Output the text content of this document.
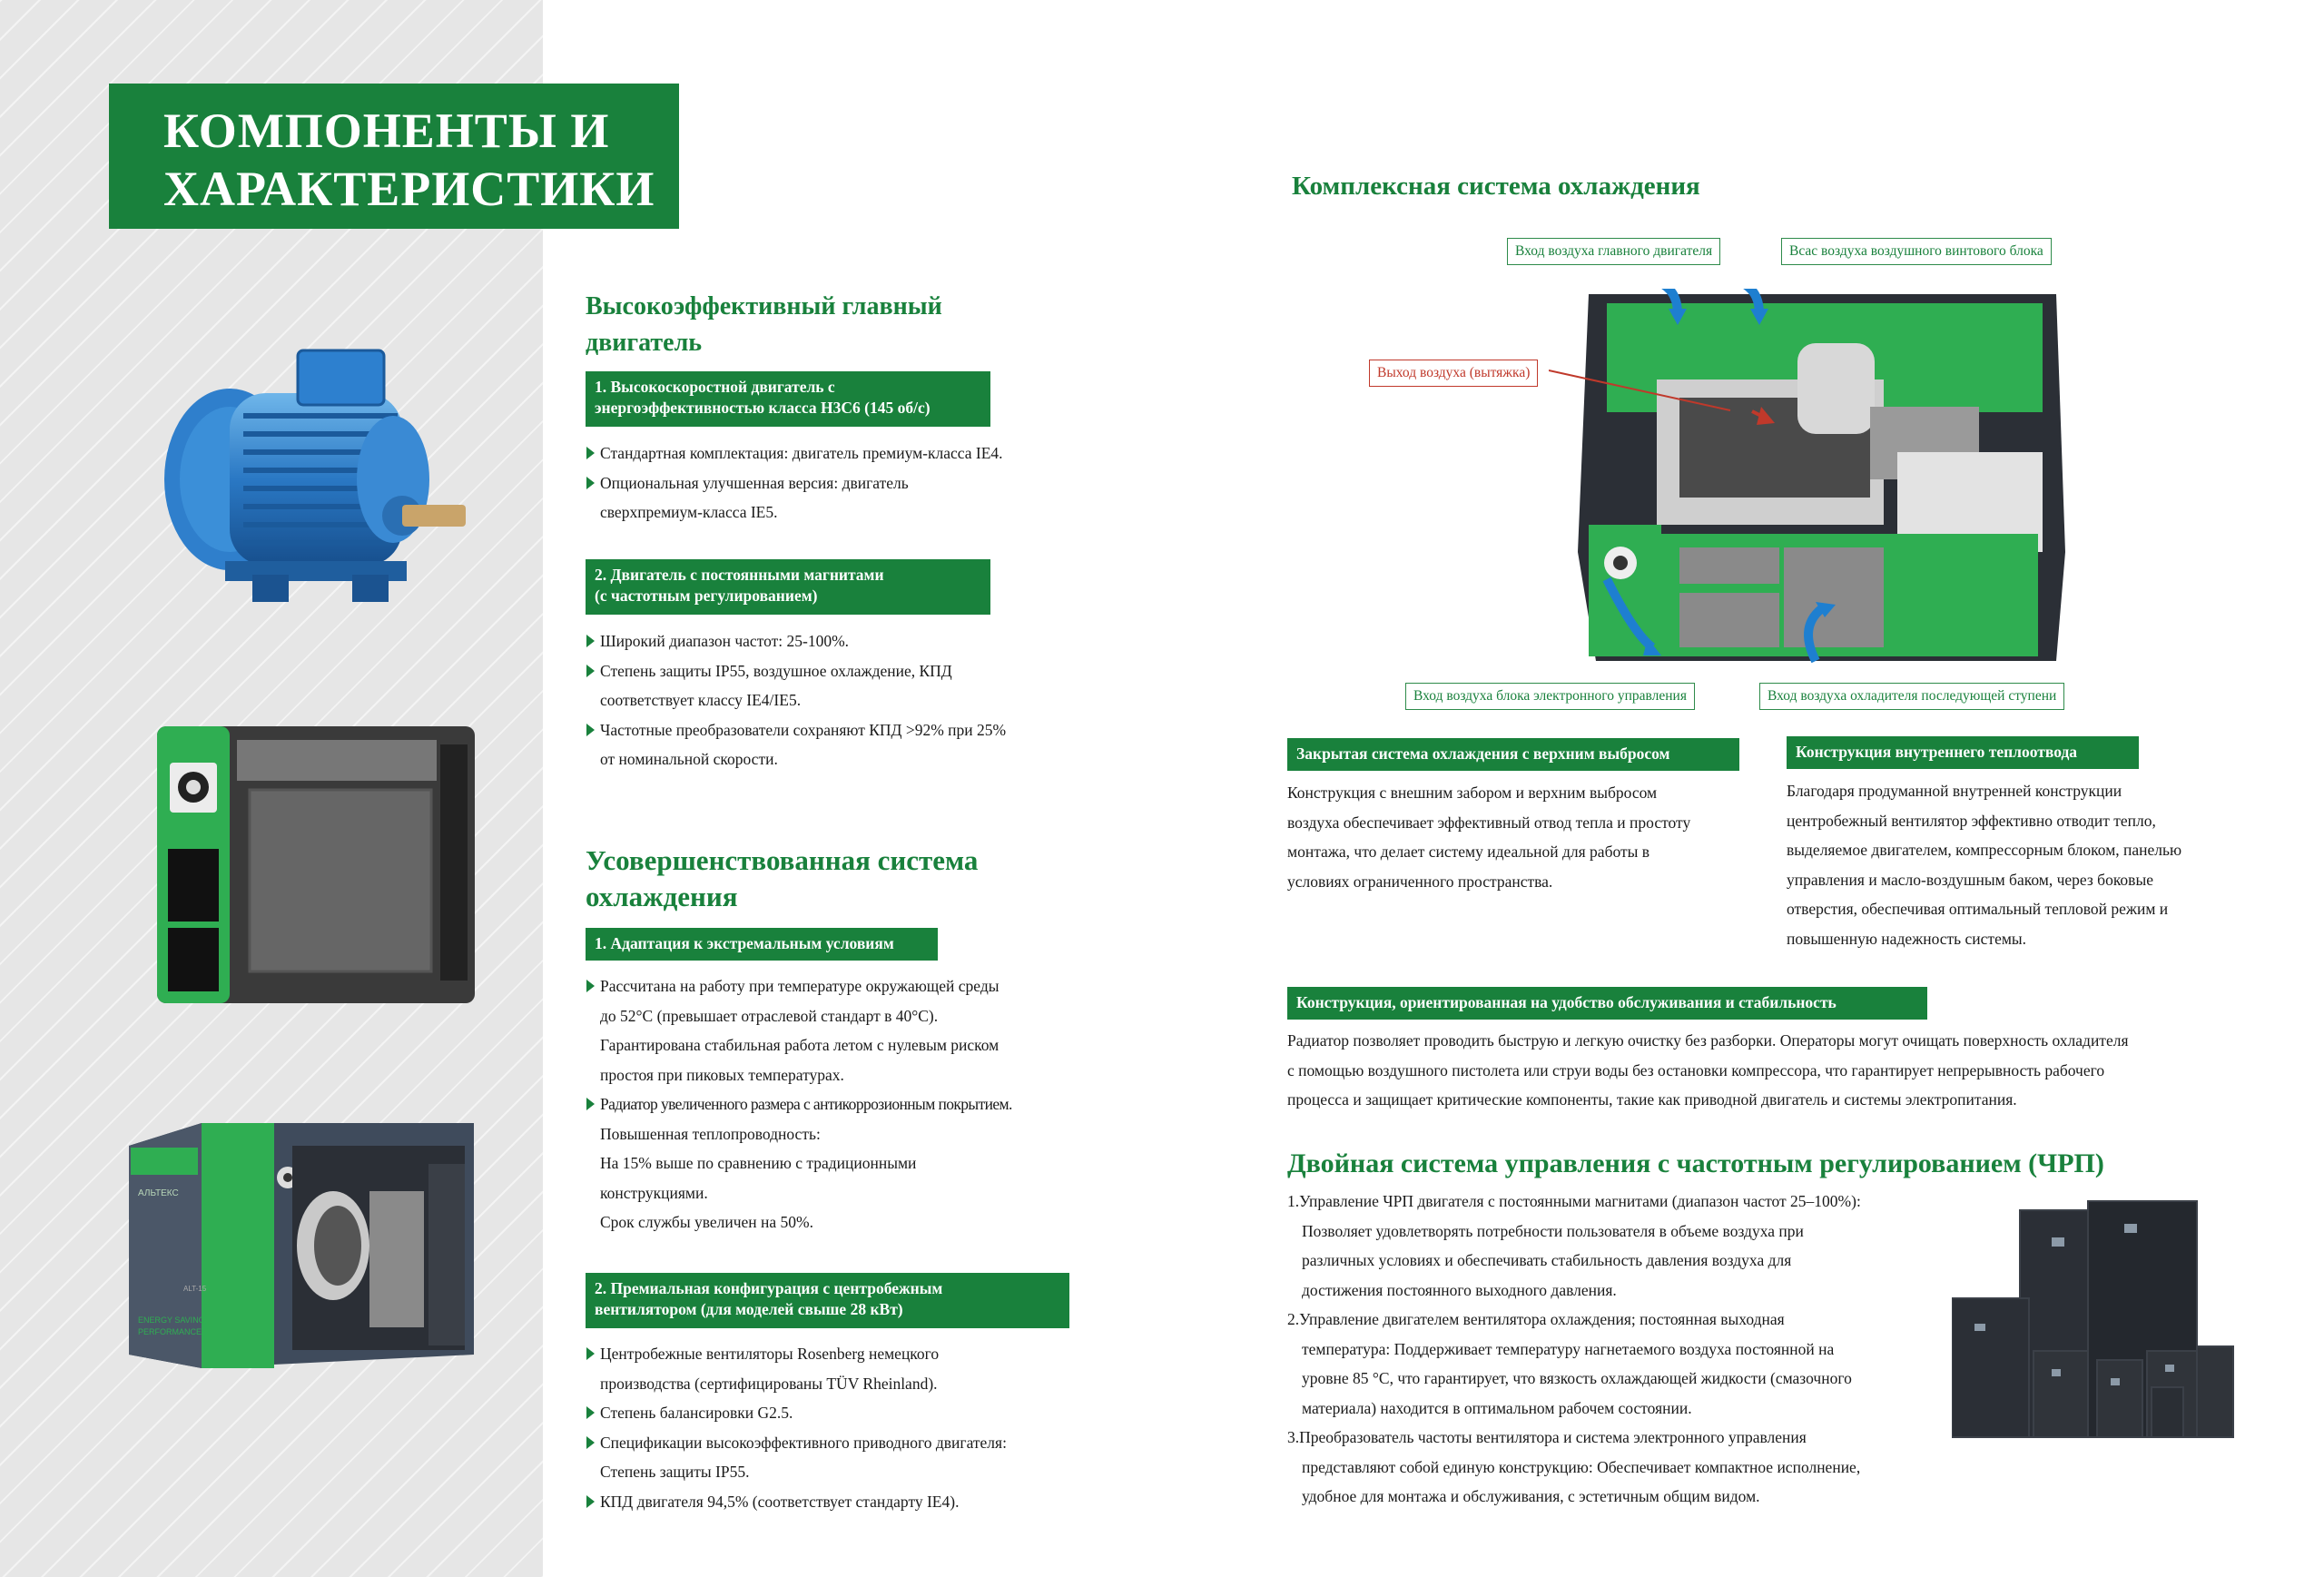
КОМПОНЕНТЫ И
ХАРАКТЕРИСТИКИ
АЛЬТЕКС
ENERGY SAVING
PERFORMANCE
ALT-15
Высокоэффективный главный
двигатель
1. Высокоскоростной двигатель с
энергоэффективностью класса Н3С6 (145 об/с)
Стандартная комплектация: двигатель премиум-класса IE4.
Опциональная улучшенная версия: двигатель
сверхпремиум-класса IE5.
2. Двигатель с постоянными магнитами
(с частотным регулированием)
Широкий диапазон частот: 25-100%.
Степень защиты IP55, воздушное охлаждение, КПД
соответствует классу IE4/IE5.
Частотные преобразователи сохраняют КПД >92% при 25%
от номинальной скорости.
Усовершенствованная система
охлаждения
1. Адаптация к экстремальным условиям
Рассчитана на работу при температуре окружающей среды
до 52°C (превышает отраслевой стандарт в 40°C).
Гарантирована стабильная работа летом с нулевым риском
простоя при пиковых температурах.
Радиатор увеличенного размера с антикоррозионным покрытием.
Повышенная теплопроводность:
На 15% выше по сравнению с традиционными
конструкциями.
Срок службы увеличен на 50%.
2. Премиальная конфигурация с центробежным
вентилятором (для моделей свыше 28 кВт)
Центробежные вентиляторы Rosenberg немецкого
производства (сертифицированы TÜV Rheinland).
Степень балансировки G2.5.
Спецификации высокоэффективного приводного двигателя:
Степень защиты IP55.
КПД двигателя 94,5% (соответствует стандарту IE4).
Комплексная система охлаждения
Вход воздуха главного двигателя	Всас воздуха воздушного винтового блока
Выход воздуха (вытяжка)
Вход воздуха блока электронного управления	Вход воздуха охладителя последующей ступени
Закрытая система охлаждения с верхним выбросом
Конструкция с внешним забором и верхним выбросом
воздуха обеспечивает эффективный отвод тепла и простоту
монтажа, что делает систему идеальной для работы в
условиях ограниченного пространства.
Конструкция внутреннего теплоотвода
Благодаря продуманной внутренней конструкции
центробежный вентилятор эффективно отводит тепло,
выделяемое двигателем, компрессорным блоком, панелью
управления и масло-воздушным баком, через боковые
отверстия, обеспечивая оптимальный тепловой режим и
повышенную надежность системы.
Конструкция, ориентированная на удобство обслуживания и стабильность
Радиатор позволяет проводить быструю и легкую очистку без разборки. Операторы могут очищать поверхность охладителя
с помощью воздушного пистолета или струи воды без остановки компрессора, что гарантирует непрерывность рабочего
процесса и защищает критические компоненты, такие как приводной двигатель и системы электропитания.
Двойная система управления с частотным регулированием (ЧРП)
1.Управление ЧРП двигателя с постоянными магнитами (диапазон частот 25–100%):
Позволяет удовлетворять потребности пользователя в объеме воздуха при
различных условиях и обеспечивать стабильность давления воздуха для
достижения постоянного выходного давления.
2.Управление двигателем вентилятора охлаждения; постоянная выходная
температура: Поддерживает температуру нагнетаемого воздуха постоянной на
уровне 85 °C, что гарантирует, что вязкость охлаждающей жидкости (смазочного
материала) находится в оптимальном рабочем состоянии.
3.Преобразователь частоты вентилятора и система электронного управления
представляют собой единую конструкцию: Обеспечивает компактное исполнение,
удобное для монтажа и обслуживания, с эстетичным общим видом.
